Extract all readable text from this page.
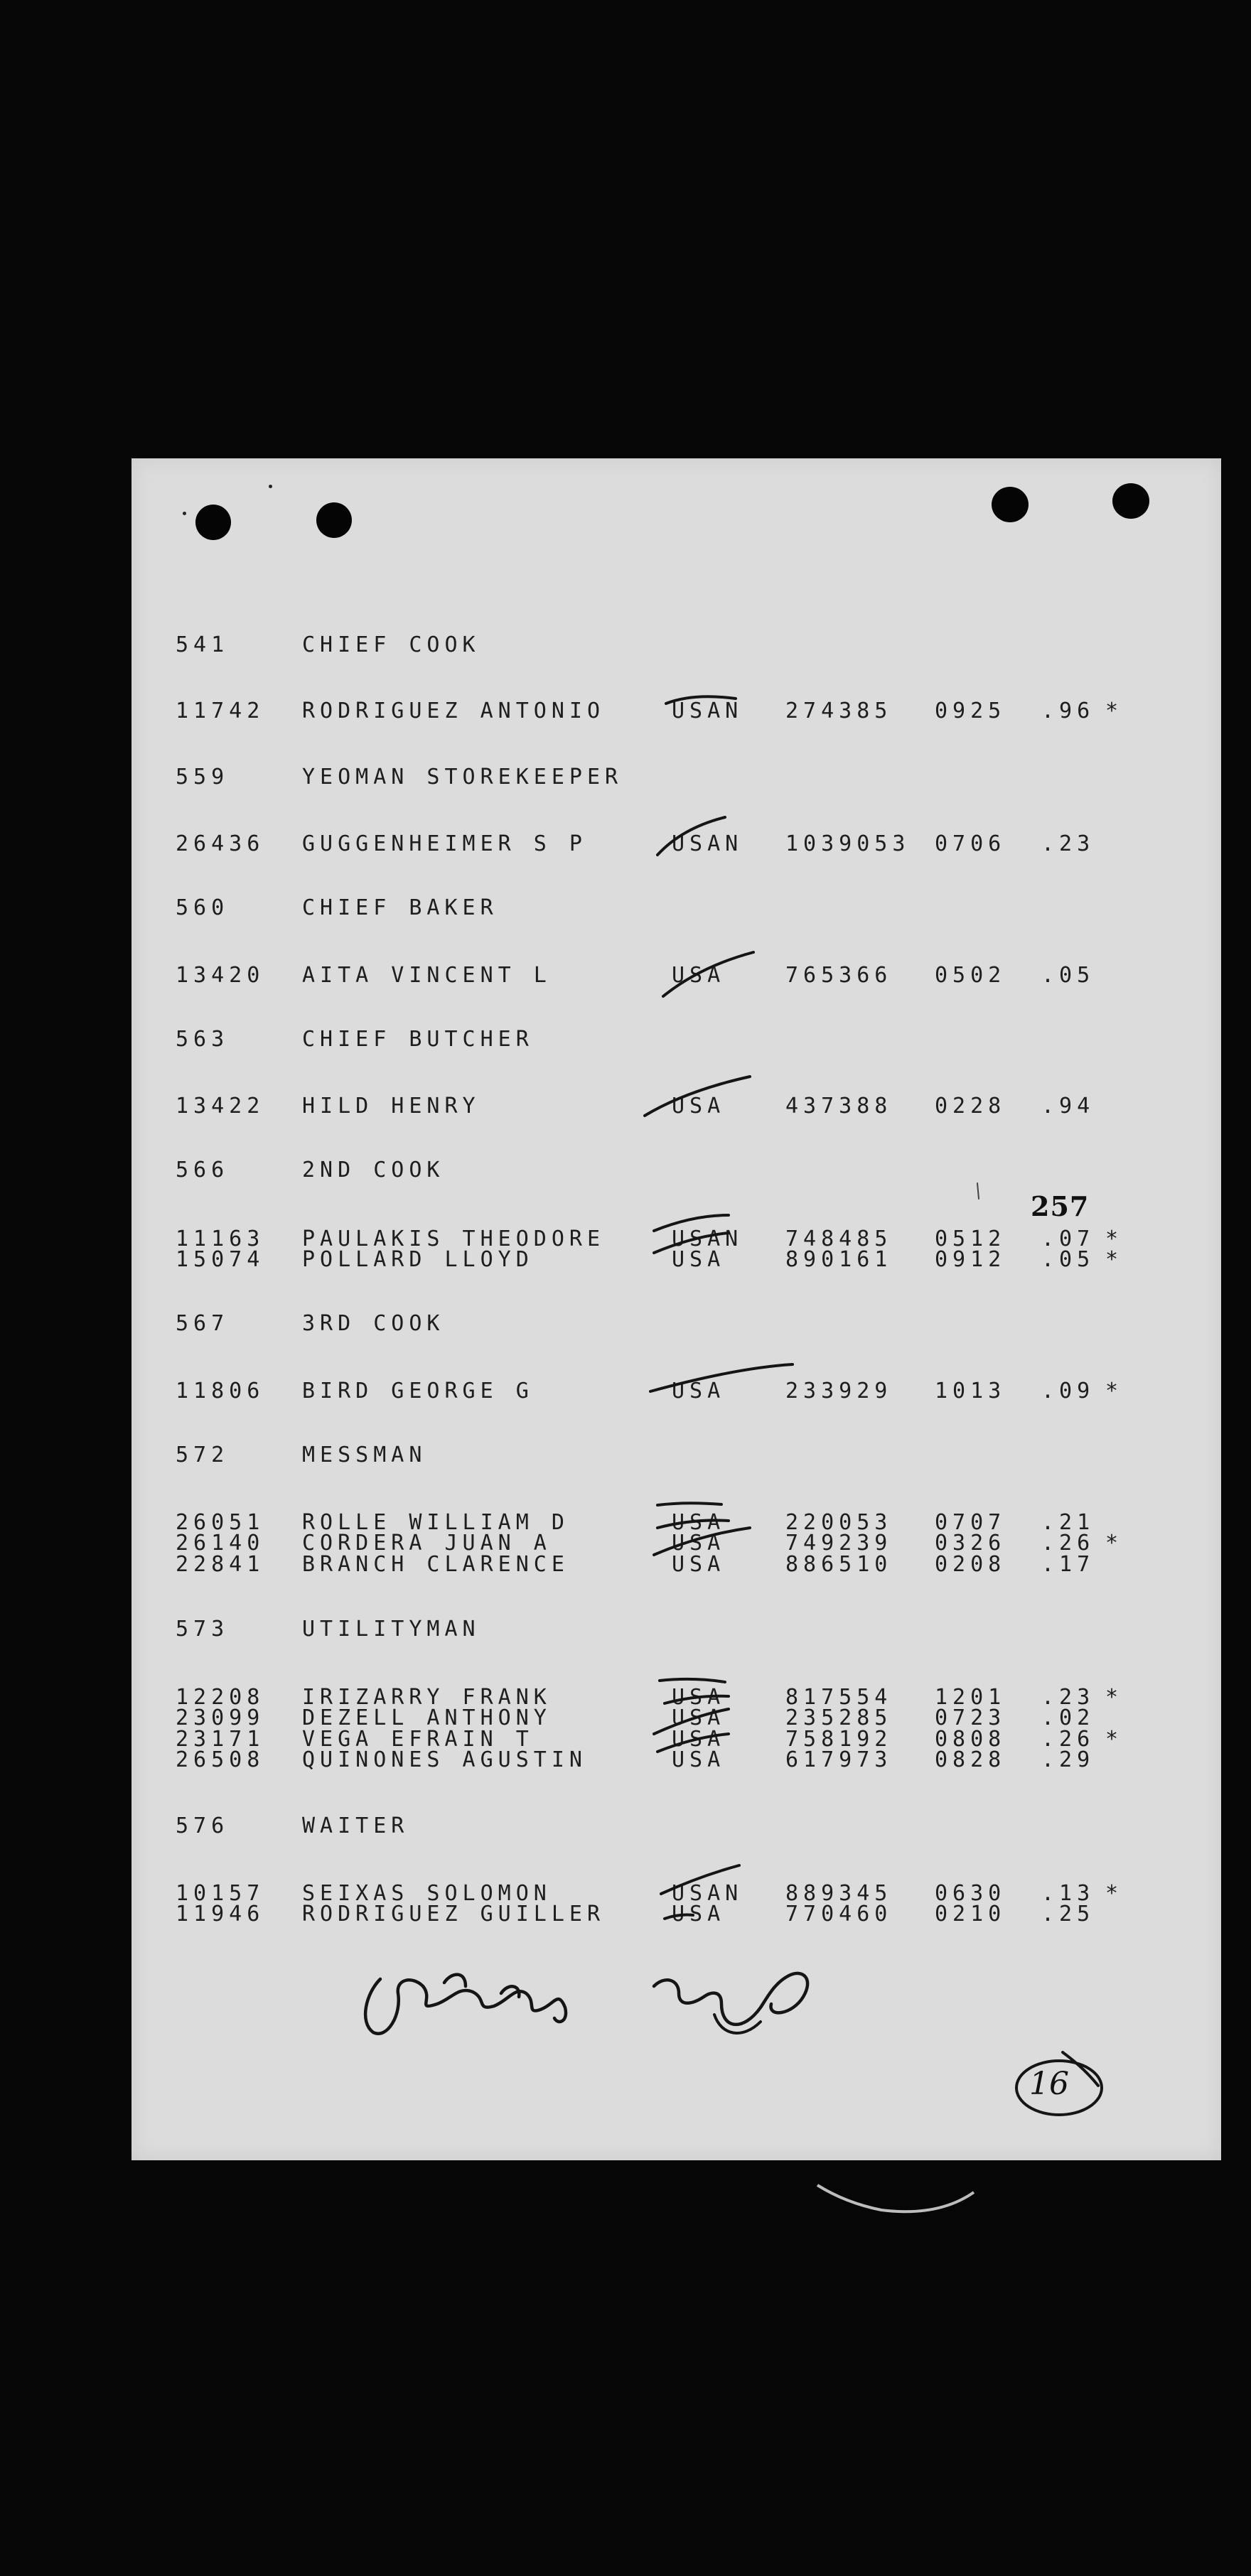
541	CHIEF COOK
11742 RODRIGUEZ ANTONIO	USAN 274385 0925 .96 *
559	YEOMAN STOREKEEPER
26436 GUGGENHEIMER S P	USAN 1039053 0706 .23
560	CHIEF BAKER
13420 AITA VINCENT L	USA	765366 0502 .05
563	CHIEF BUTCHER
13422 HILD HENRY	USA	437388 0228 .94
566	2ND COOK
11163 PAULAKIS THEODORE	USAN 748485 0512 .07 *
15074 POLLARD LLOYD	USA	890161 0912 .05 *
567	3RD COOK
11806 BIRD GEORGE G	USA	233929 1013 .09 *
572	MESSMAN
26051 ROLLE WILLIAM D	USA	220053 0707 .21
26140 CORDERA JUAN A	USA	749239 0326 .26 *
22841 BRANCH CLARENCE	USA	886510 0208 .17
573	UTILITYMAN
12208 IRIZARRY FRANK	USA	817554 1201 .23 *
23099 DEZELL ANTHONY	USA	235285 0723 .02
23171 VEGA EFRAIN T	USA	758192 0808 .26 *
26508 QUINONES AGUSTIN	USA	617973 0828 .29
576	WAITER
10157 SEIXAS SOLOMON	USAN 889345 0630 .13 *
11946 RODRIGUEZ GUILLER	USA	770460 0210 .25
257
16
